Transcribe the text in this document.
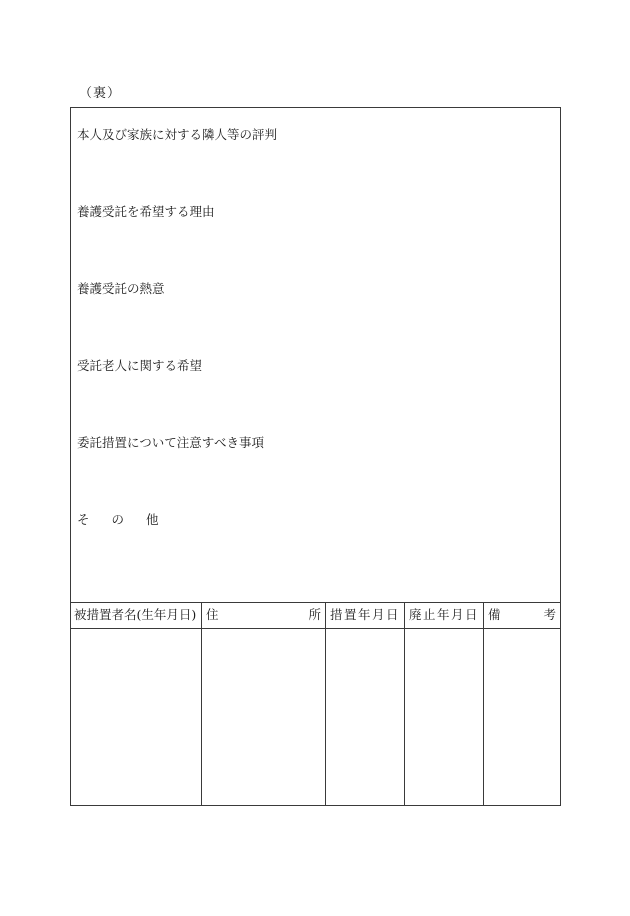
（裏）
本人及び家族に対する隣人等の評判
養護受託を希望する理由
養護受託の熱意
受託老人に関する希望
委託措置について注意すべき事項
そ の 他
被措置者名(生年月日) 住	所 措置年月日 廃止年月日 備	考
